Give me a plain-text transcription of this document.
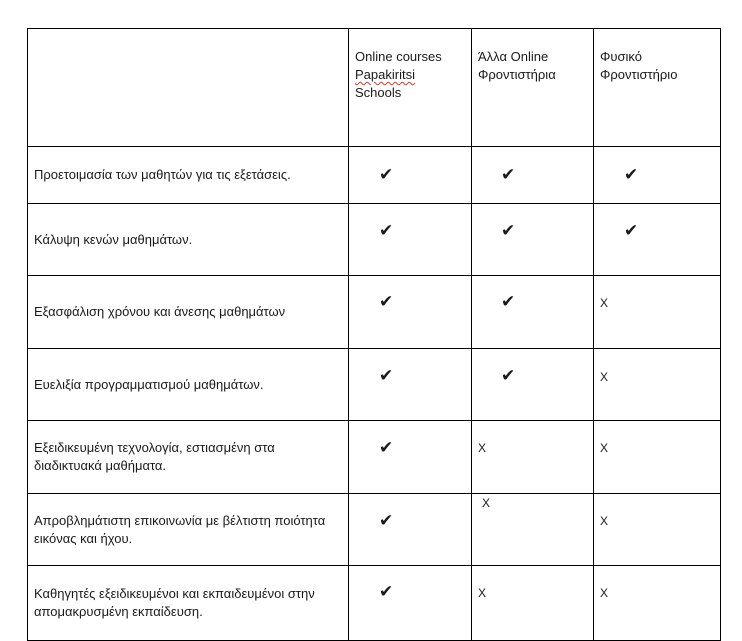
	Online courses
Papakiritsi
Schools	Άλλα Online
Φροντιστήρια	Φυσικό
Φροντιστήριο

Προετοιμασία των μαθητών για τις εξετάσεις.	✔	✔	✔

Κάλυψη κενών μαθημάτων.	✔	✔	✔

Εξασφάλιση χρόνου και άνεσης μαθημάτων	✔	✔	X

Ευελιξία προγραμματισμού μαθημάτων.	✔	✔	X

Εξειδικευμένη τεχνολογία, εστιασμένη στα διαδικτυακά μαθήματα.	✔	X	X

Απροβλημάτιστη επικοινωνία με βέλτιστη ποιότητα εικόνας και ήχου.	✔	X	X

Καθηγητές εξειδικευμένοι και εκπαιδευμένοι στην απομακρυσμένη εκπαίδευση.	✔	X	X
